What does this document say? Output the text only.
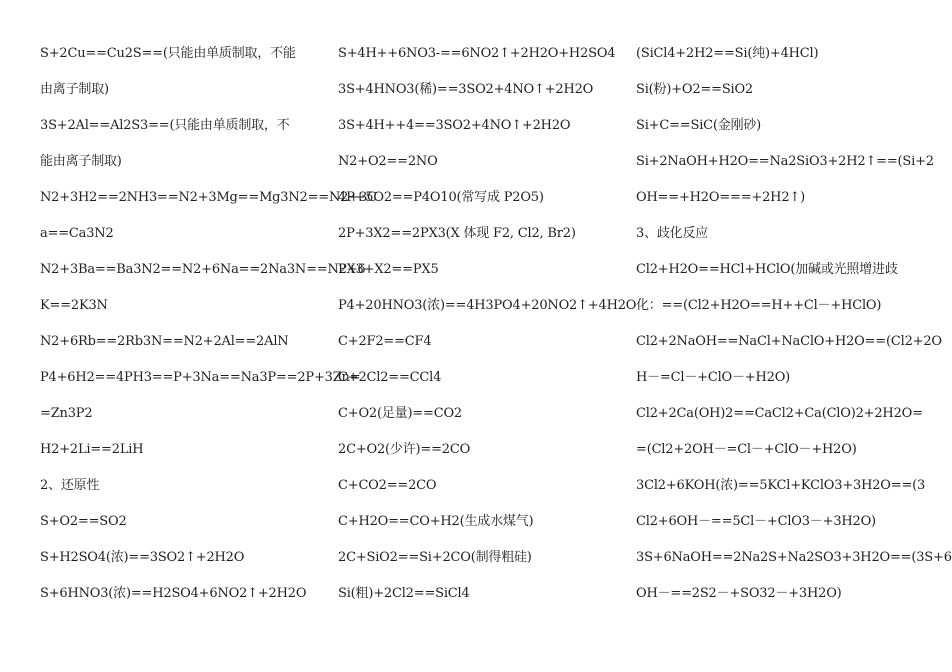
S+2Cu==Cu2S==(只能由单质制取，不能
由离子制取)
3S+2Al==Al2S3==(只能由单质制取，不
能由离子制取)
N2+3H2==2NH3==N2+3Mg==Mg3N2==N2+3C
a==Ca3N2
N2+3Ba==Ba3N2==N2+6Na==2Na3N==N2+6
K==2K3N
N2+6Rb==2Rb3N==N2+2Al==2AlN
P4+6H2==4PH3==P+3Na==Na3P==2P+3Zn=
=Zn3P2
H2+2Li==2LiH
2、还原性
S+O2==SO2
S+H2SO4(浓)==3SO2↑+2H2O
S+6HNO3(浓)==H2SO4+6NO2↑+2H2O
S+4H++6NO3-==6NO2↑+2H2O+H2SO4
3S+4HNO3(稀)==3SO2+4NO↑+2H2O
3S+4H++4==3SO2+4NO↑+2H2O
N2+O2==2NO
4P+5O2==P4O10(常写成 P2O5)
2P+3X2==2PX3(X 体现 F2, Cl2, Br2)
PX3+X2==PX5
P4+20HNO3(浓)==4H3PO4+20NO2↑+4H2O
C+2F2==CF4
C+2Cl2==CCl4
C+O2(足量)==CO2
2C+O2(少许)==2CO
C+CO2==2CO
C+H2O==CO+H2(生成水煤气)
2C+SiO2==Si+2CO(制得粗硅)
Si(粗)+2Cl2==SiCl4
(SiCl4+2H2==Si(纯)+4HCl)
Si(粉)+O2==SiO2
Si+C==SiC(金刚砂)
Si+2NaOH+H2O==Na2SiO3+2H2↑==(Si+2
OH==+H2O===+2H2↑)
3、歧化反应
Cl2+H2O==HCl+HClO(加碱或光照增进歧
化：==(Cl2+H2O==H++Cl－+HClO)
Cl2+2NaOH==NaCl+NaClO+H2O==(Cl2+2O
H－=Cl－+ClO－+H2O)
Cl2+2Ca(OH)2==CaCl2+Ca(ClO)2+2H2O=
=(Cl2+2OH－=Cl－+ClO－+H2O)
3Cl2+6KOH(浓)==5KCl+KClO3+3H2O==(3
Cl2+6OH－==5Cl－+ClO3－+3H2O)
3S+6NaOH==2Na2S+Na2SO3+3H2O==(3S+6
OH－==2S2－+SO32－+3H2O)
